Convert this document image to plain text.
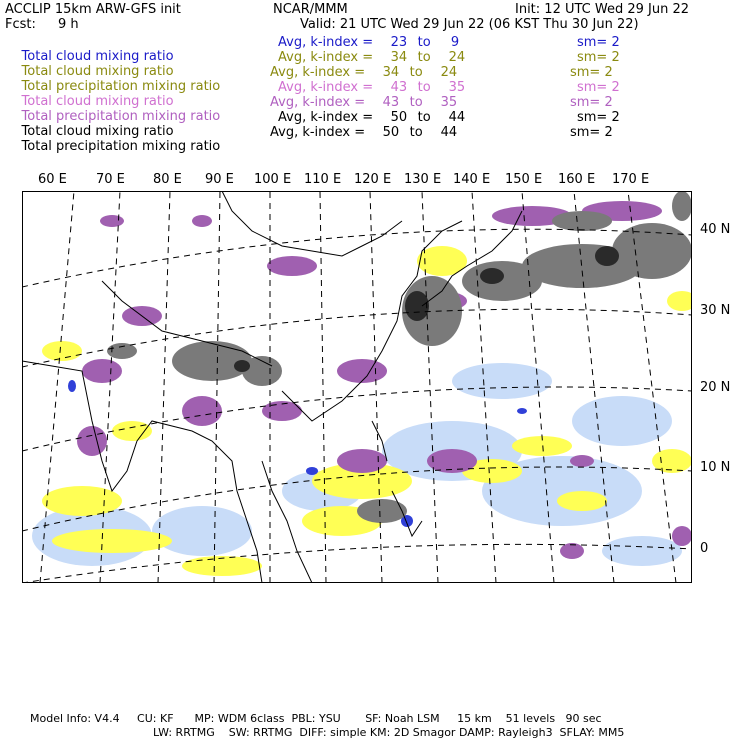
ACCLIP 15km ARW-GFS init	NCAR/MMM	Init: 12 UTC Wed 29 Jun 22
Fcst: 9 h	Valid: 21 UTC Wed 29 Jun 22 (06 KST Thu 30 Jun 22)

Total cloud mixing ratio

Avg, k-index = 23 to 9	sm= 2

Total cloud mixing ratio

Avg, k-index = 34 to 24	sm= 2

Total precipitation mixing ratio

Avg, k-index = 34 to 24	sm= 2

Total cloud mixing ratio

Avg, k-index = 43 to 35	sm= 2

Total precipitation mixing ratio

Avg, k-index = 43 to 35	sm= 2

Total cloud mixing ratio

Avg, k-index = 50 to 44	sm= 2

Total precipitation mixing ratio

Avg, k-index = 50 to 44	sm= 2
60 E 70 E 80 E 90 E 100 E 110 E 120 E 130 E 140 E 150 E 160 E 170 E
40 N
30 N
20 N
10 N
0
Model Info: V4.4     CU: KF      MP: WDM 6class  PBL: YSU       SF: Noah LSM     15 km    51 levels   90 sec
LW: RRTMG    SW: RRTMG  DIFF: simple KM: 2D Smagor DAMP: Rayleigh3  SFLAY: MM5
